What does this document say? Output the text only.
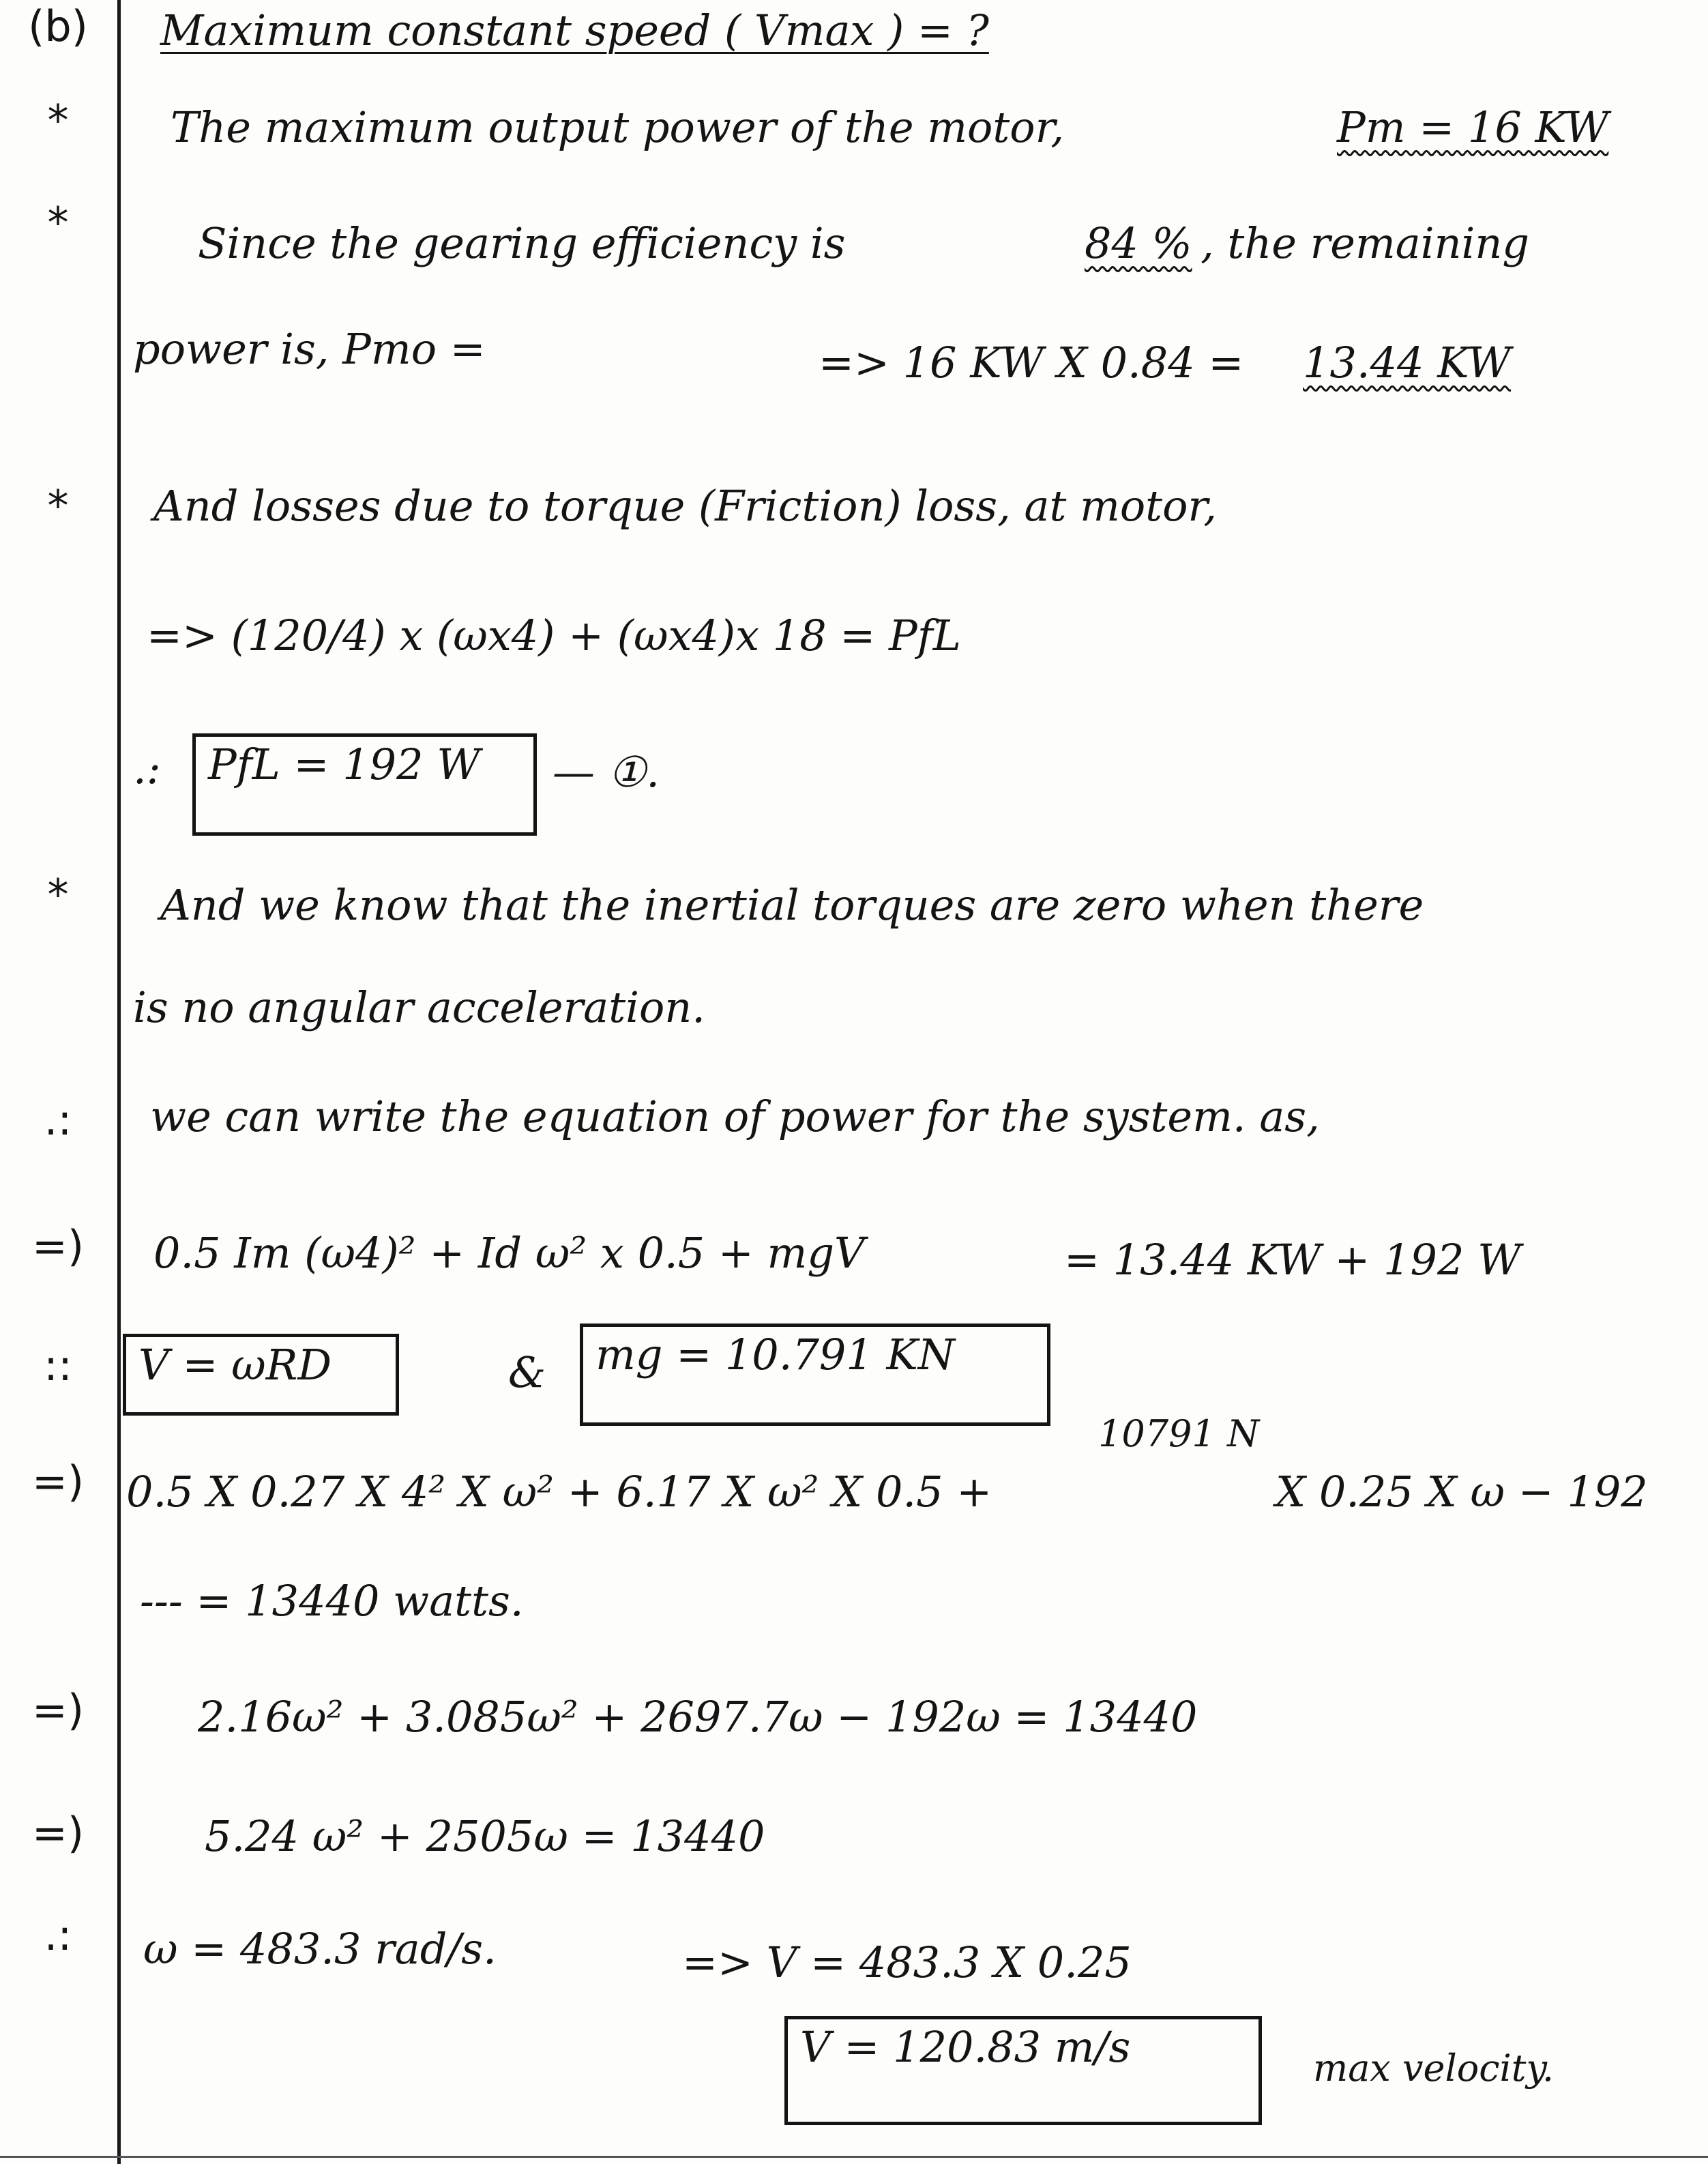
(b)
*
*
*
*
.:
=)
::
=)
=)
=)
.:
Maximum constant speed ( Vmax ) = ?
The maximum output power of the motor,	Pm = 16 KW
Since the gearing efficiency is	84 % , the remaining
power is, Pmo =	=> 16 KW X 0.84 = 13.44 KW
And losses due to torque (Friction) loss, at motor,
=> (120/4) x (ωx4) + (ωx4)x 18 = PfL
.:	PfL = 192 W	— ①.
And we know that the inertial torques are zero when there
is no angular acceleration.
we can write the equation of power for the system. as,
0.5 Im (ω4)² + Id ω² x 0.5 + mgV	= 13.44 KW + 192 W
V = ωRD	&	mg = 10.791 KN
10791 N
0.5 X 0.27 X 4² X ω² + 6.17 X ω² X 0.5 +	X 0.25 X ω − 192
--- = 13440 watts.
2.16ω² + 3.085ω² + 2697.7ω − 192ω = 13440
5.24 ω² + 2505ω = 13440
ω = 483.3 rad/s.	=> V = 483.3 X 0.25
V = 120.83 m/s	max velocity.
